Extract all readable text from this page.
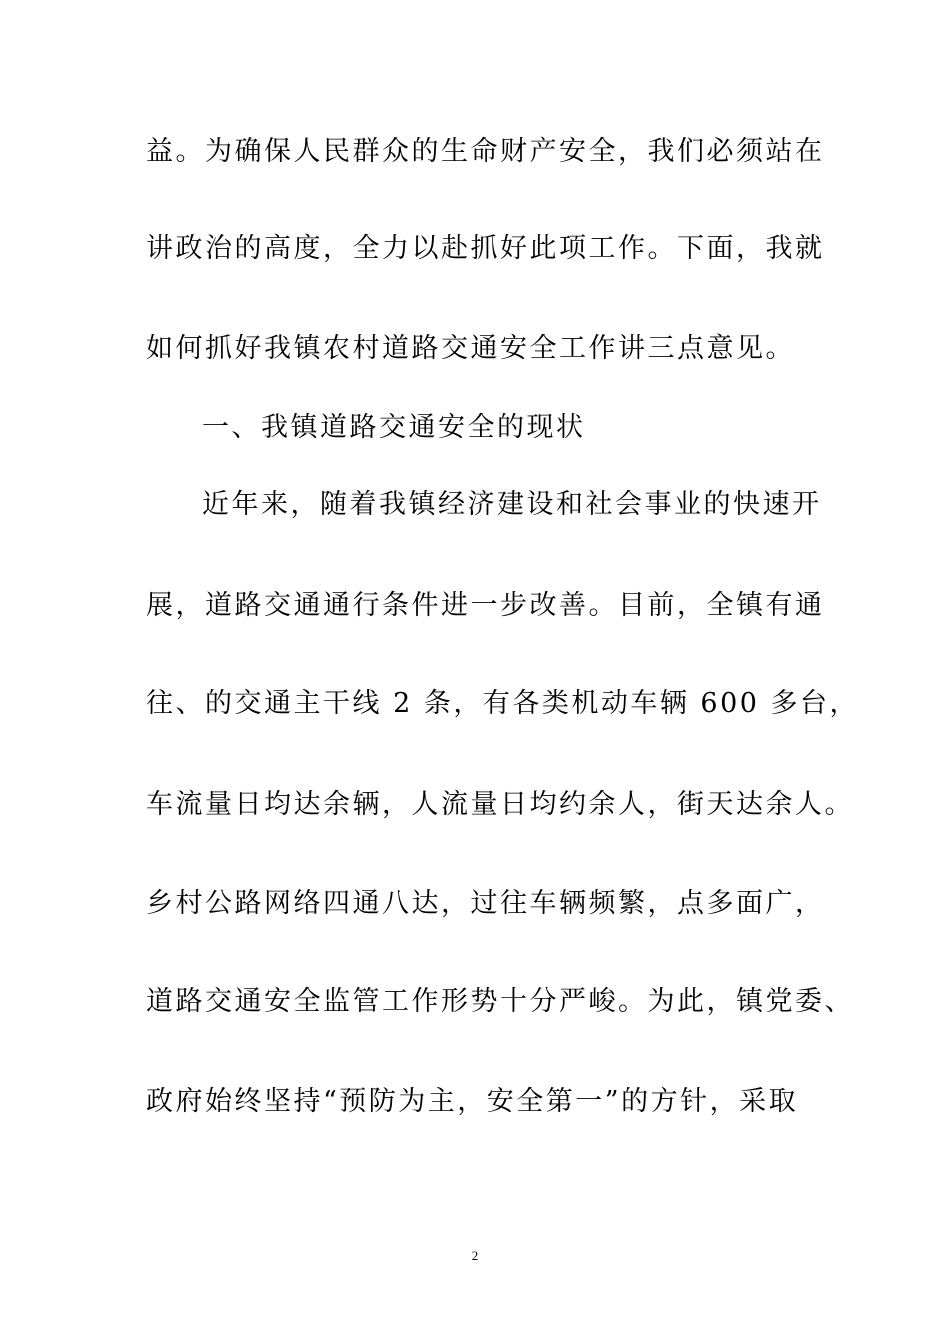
益。为确保人民群众的生命财产安全，我们必须站在
讲政治的高度，全力以赴抓好此项工作。下面，我就
如何抓好我镇农村道路交通安全工作讲三点意见。
一、我镇道路交通安全的现状
近年来，随着我镇经济建设和社会事业的快速开
展，道路交通通行条件进一步改善。目前，全镇有通
往、的交通主干线 2 条，有各类机动车辆 600 多台，
车流量日均达余辆，人流量日均约余人，街天达余人。
乡村公路网络四通八达，过往车辆频繁，点多面广，
道路交通安全监管工作形势十分严峻。为此，镇党委、
政府始终坚持“预防为主，安全第一”的方针，采取
2
